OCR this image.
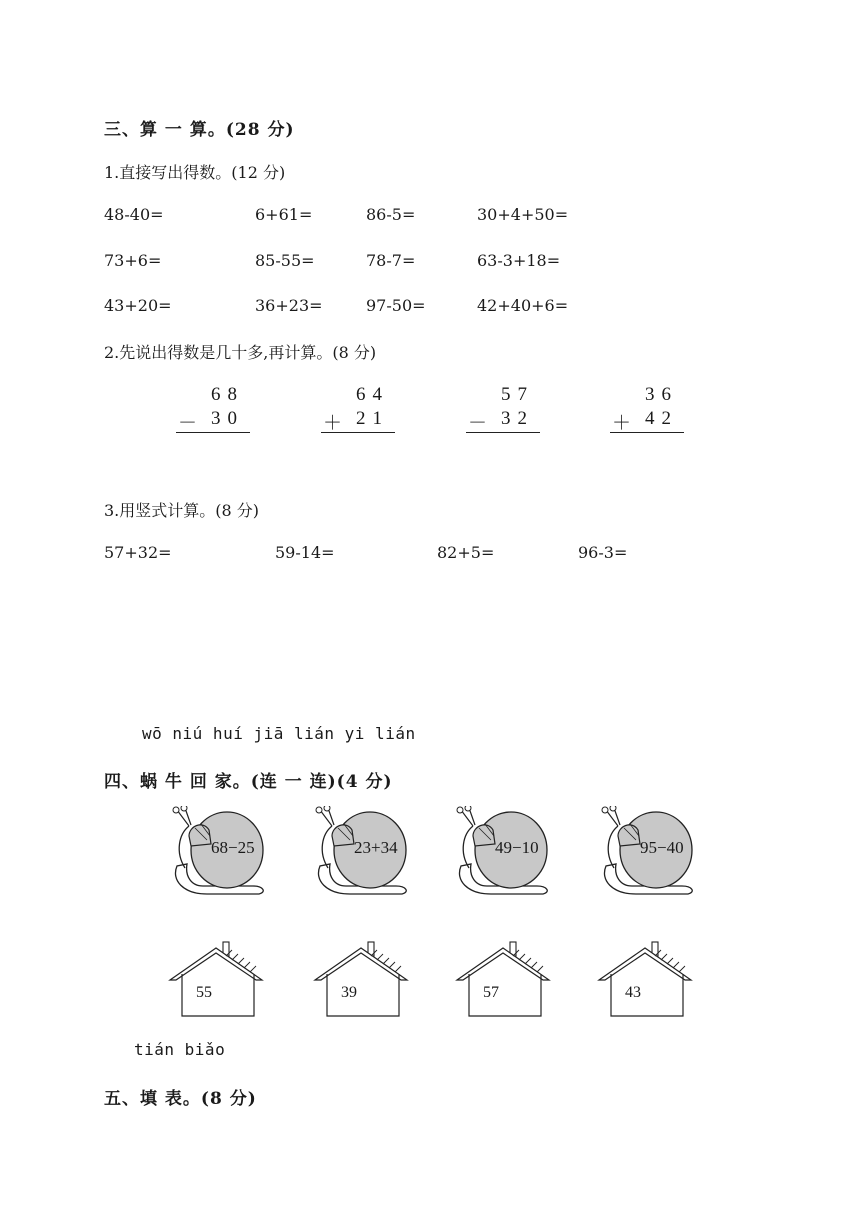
三、算 一 算。(28 分)
1.直接写出得数。(12 分)
48-40=	6+61=	86-5=	30+4+50=
73+6=	85-55=	78-7=	63-3+18=
43+20=	36+23=	97-50=	42+40+6=
2.先说出得数是几十多,再计算。(8 分)
68
－ 30
64
＋ 21
57
－ 32
36
＋ 42
3.用竖式计算。(8 分)
57+32=	59-14=	82+5=	96-3=
wō niú huí jiā lián yi lián
四、蜗 牛 回 家。(连 一 连)(4 分)
68−25	23+34	49−10	95−40
55	39	57	43
tián biǎo
五、填 表。(8 分)
